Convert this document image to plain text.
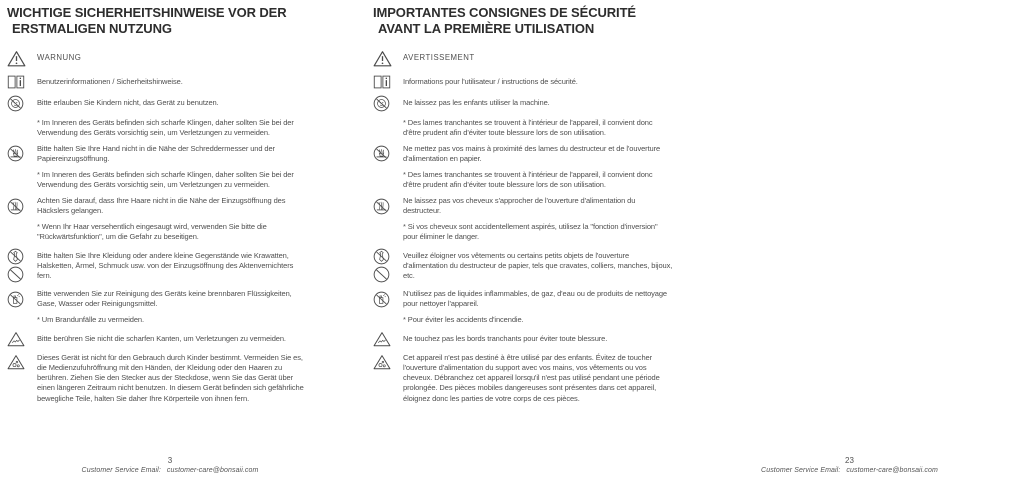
WICHTIGE SICHERHEITSHINWEISE VOR DER
ERSTMALIGEN NUTZUNG
WARNUNG
Benutzerinformationen / Sicherheitshinweise.
Bitte erlauben Sie Kindern nicht, das Gerät zu benutzen.
* Im Inneren des Geräts befinden sich scharfe Klingen, daher sollten Sie bei der Verwendung des Geräts vorsichtig sein, um Verletzungen zu vermeiden.
Bitte halten Sie Ihre Hand nicht in die Nähe der Schreddermesser und der Papiereinzugsöffnung.
* Im Inneren des Geräts befinden sich scharfe Klingen, daher sollten Sie bei der Verwendung des Geräts vorsichtig sein, um Verletzungen zu vermeiden.
Achten Sie darauf, dass Ihre Haare nicht in die Nähe der Einzugsöffnung des Häckslers gelangen.
* Wenn Ihr Haar versehentlich eingesaugt wird, verwenden Sie bitte die "Rückwärtsfunktion", um die Gefahr zu beseitigen.
Bitte halten Sie Ihre Kleidung oder andere kleine Gegenstände wie Krawatten, Halsketten, Ärmel, Schmuck usw. von der Einzugsöffnung des Aktenvernichters fern.
Bitte verwenden Sie zur Reinigung des Geräts keine brennbaren Flüssigkeiten, Gase, Wasser oder Reinigungsmittel.
* Um Brandunfälle zu vermeiden.
Bitte berühren Sie nicht die scharfen Kanten, um Verletzungen zu vermeiden.
Dieses Gerät ist nicht für den Gebrauch durch Kinder bestimmt. Vermeiden Sie es, die Medienzufuhröffnung mit den Händen, der Kleidung oder den Haaren zu berühren. Ziehen Sie den Stecker aus der Steckdose, wenn Sie das Gerät über einen längeren Zeitraum nicht benutzen. In diesem Gerät befinden sich gefährliche bewegliche Teile, halten Sie daher Ihre Körperteile von ihnen fern.
3
Customer Service Email: customer-care@bonsaii.com
IMPORTANTES CONSIGNES DE SÉCURITÉ
AVANT LA PREMIÈRE UTILISATION
AVERTISSEMENT
Informations pour l'utilisateur / instructions de sécurité.
Ne laissez pas les enfants utiliser la machine.
* Des lames tranchantes se trouvent à l'intérieur de l'appareil, il convient donc d'être prudent afin d'éviter toute blessure lors de son utilisation.
Ne mettez pas vos mains à proximité des lames du destructeur et de l'ouverture d'alimentation en papier.
* Des lames tranchantes se trouvent à l'intérieur de l'appareil, il convient donc d'être prudent afin d'éviter toute blessure lors de son utilisation.
Ne laissez pas vos cheveux s'approcher de l'ouverture d'alimentation du destructeur.
* Si vos cheveux sont accidentellement aspirés, utilisez la "fonction d'inversion" pour éliminer le danger.
Veuillez éloigner vos vêtements ou certains petits objets de l'ouverture d'alimentation du destructeur de papier, tels que cravates, colliers, manches, bijoux, etc.
N'utilisez pas de liquides inflammables, de gaz, d'eau ou de produits de nettoyage pour nettoyer l'appareil.
* Pour éviter les accidents d'incendie.
Ne touchez pas les bords tranchants pour éviter toute blessure.
Cet appareil n'est pas destiné à être utilisé par des enfants. Évitez de toucher l'ouverture d'alimentation du support avec vos mains, vos vêtements ou vos cheveux. Débranchez cet appareil lorsqu'il n'est pas utilisé pendant une période prolongée. Des pièces mobiles dangereuses sont présentes dans cet appareil, éloignez donc les parties de votre corps de ces pièces.
23
Customer Service Email: customer-care@bonsaii.com
